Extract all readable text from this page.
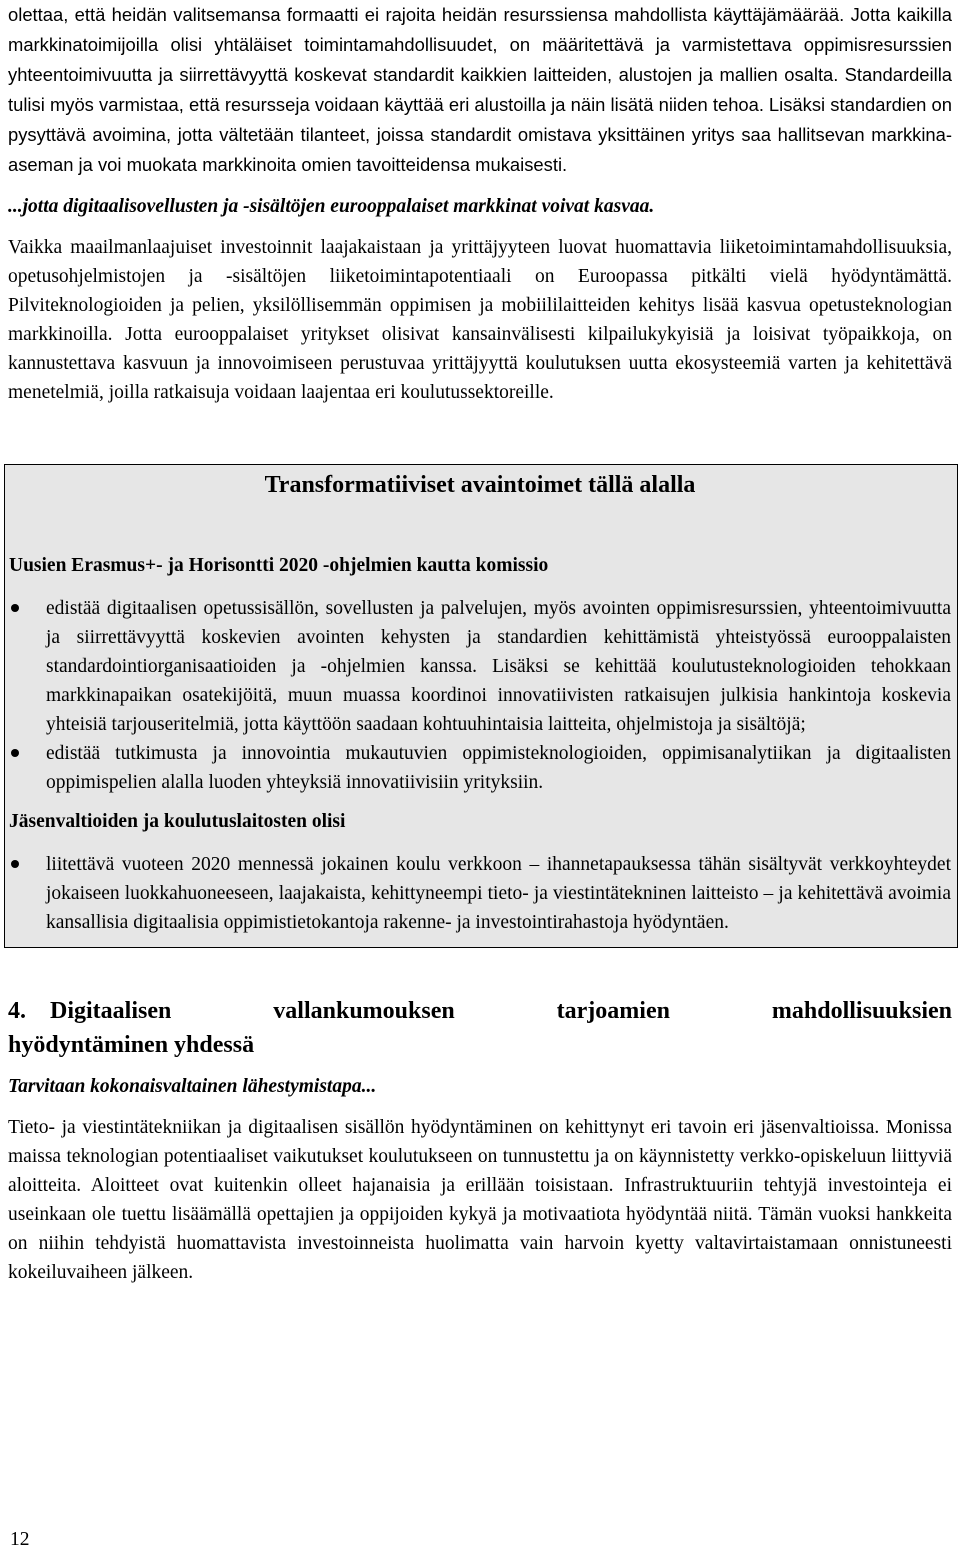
olettaa, että heidän valitsemansa formaatti ei rajoita heidän resurssiensa mahdollista käyttäjämäärää. Jotta kaikilla markkinatoimijoilla olisi yhtäläiset toimintamahdollisuudet, on määritettävä ja varmistettava oppimisresurssien yhteentoimivuutta ja siirrettävyyttä koskevat standardit kaikkien laitteiden, alustojen ja mallien osalta. Standardeilla tulisi myös varmistaa, että resursseja voidaan käyttää eri alustoilla ja näin lisätä niiden tehoa. Lisäksi standardien on pysyttävä avoimina, jotta vältetään tilanteet, joissa standardit omistava yksittäinen yritys saa hallitsevan markkina-aseman ja voi muokata markkinoita omien tavoitteidensa mukaisesti.

...jotta digitaalisovellusten ja -sisältöjen eurooppalaiset markkinat voivat kasvaa.

Vaikka maailmanlaajuiset investoinnit laajakaistaan ja yrittäjyyteen luovat huomattavia liiketoimintamahdollisuuksia, opetusohjelmistojen ja -sisältöjen liiketoimintapotentiaali on Euroopassa pitkälti vielä hyödyntämättä. Pilviteknologioiden ja pelien, yksilöllisemmän oppimisen ja mobiililaitteiden kehitys lisää kasvua opetusteknologian markkinoilla. Jotta eurooppalaiset yritykset olisivat kansainvälisesti kilpailukykyisiä ja loisivat työpaikkoja, on kannustettava kasvuun ja innovoimiseen perustuvaa yrittäjyyttä koulutuksen uutta ekosysteemiä varten ja kehitettävä menetelmiä, joilla ratkaisuja voidaan laajentaa eri koulutussektoreille.

Transformatiiviset avaintoimet tällä alalla

Uusien Erasmus+- ja Horisontti 2020 -ohjelmien kautta komissio

edistää digitaalisen opetussisällön, sovellusten ja palvelujen, myös avointen oppimisresurssien, yhteentoimivuutta ja siirrettävyyttä koskevien avointen kehysten ja standardien kehittämistä yhteistyössä eurooppalaisten standardointiorganisaatioiden ja -ohjelmien kanssa. Lisäksi se kehittää koulutusteknologioiden tehokkaan markkinapaikan osatekijöitä, muun muassa koordinoi innovatiivisten ratkaisujen julkisia hankintoja koskevia yhteisiä tarjouseritelmiä, jotta käyttöön saadaan kohtuuhintaisia laitteita, ohjelmistoja ja sisältöjä;
edistää tutkimusta ja innovointia mukautuvien oppimisteknologioiden, oppimisanalytiikan ja digitaalisten oppimispelien alalla luoden yhteyksiä innovatiivisiin yrityksiin.

Jäsenvaltioiden ja koulutuslaitosten olisi

liitettävä vuoteen 2020 mennessä jokainen koulu verkkoon – ihannetapauksessa tähän sisältyvät verkkoyhteydet jokaiseen luokkahuoneeseen, laajakaista, kehittyneempi tieto- ja viestintätekninen laitteisto – ja kehitettävä avoimia kansallisia digitaalisia oppimistietokantoja rakenne- ja investointirahastoja hyödyntäen.
4. Digitaalisen	vallankumouksen	tarjoamien	mahdollisuuksien
hyödyntäminen yhdessä

Tarvitaan kokonaisvaltainen lähestymistapa...

Tieto- ja viestintätekniikan ja digitaalisen sisällön hyödyntäminen on kehittynyt eri tavoin eri jäsenvaltioissa. Monissa maissa teknologian potentiaaliset vaikutukset koulutukseen on tunnustettu ja on käynnistetty verkko-opiskeluun liittyviä aloitteita. Aloitteet ovat kuitenkin olleet hajanaisia ja erillään toisistaan. Infrastruktuuriin tehtyjä investointeja ei useinkaan ole tuettu lisäämällä opettajien ja oppijoiden kykyä ja motivaatiota hyödyntää niitä. Tämän vuoksi hankkeita on niihin tehdyistä huomattavista investoinneista huolimatta vain harvoin kyetty valtavirtaistamaan onnistuneesti kokeiluvaiheen jälkeen.

12
